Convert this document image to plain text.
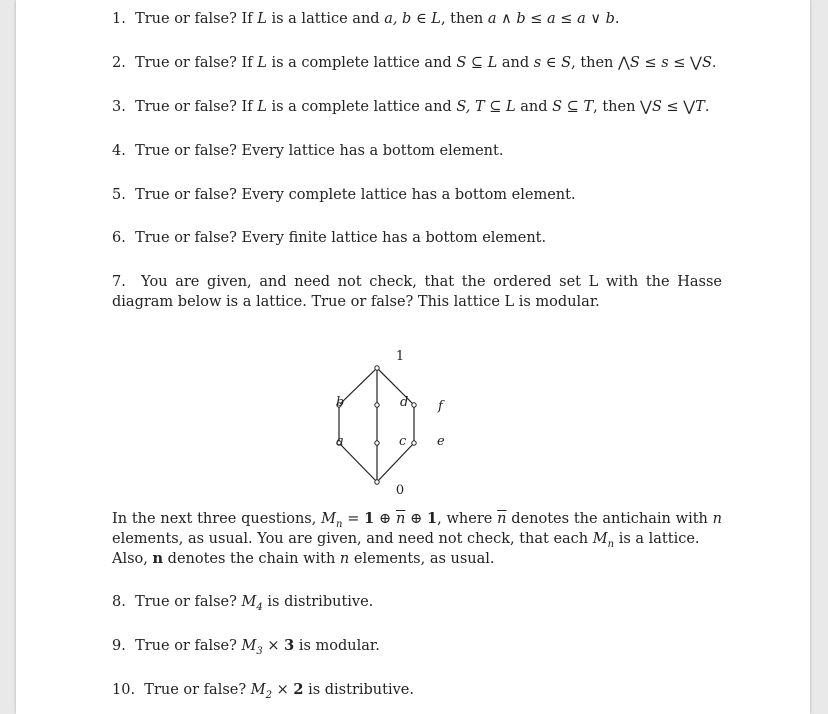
1. True or false? If L is a lattice and a, b ∈ L, then a ∧ b ≤ a ≤ a ∨ b.
2. True or false? If L is a complete lattice and S ⊆ L and s ∈ S, then ⋀S ≤ s ≤ ⋁S.
3. True or false? If L is a complete lattice and S, T ⊆ L and S ⊆ T, then ⋁S ≤ ⋁T.
4. True or false? Every lattice has a bottom element.
5. True or false? Every complete lattice has a bottom element.
6. True or false? Every finite lattice has a bottom element.
7. You are given, and need not check, that the ordered set L with the Hasse diagram below is a lattice. True or false? This lattice L is modular.
1
b	d f
a	c e
0
In the next three questions, $M_n = 1$ ⊕ $\overline{n}$ ⊕ 1, where $\overline{n}$ denotes the antichain with n elements, as usual. You are given, and need not check, that each $M_n$ is a lattice.
Also, n denotes the chain with n elements, as usual.
8. True or false? $M_4$ is distributive.
9. True or false? $M_3 \times 3$ is modular.
10. True or false? $M_2 \times 2$ is distributive.
